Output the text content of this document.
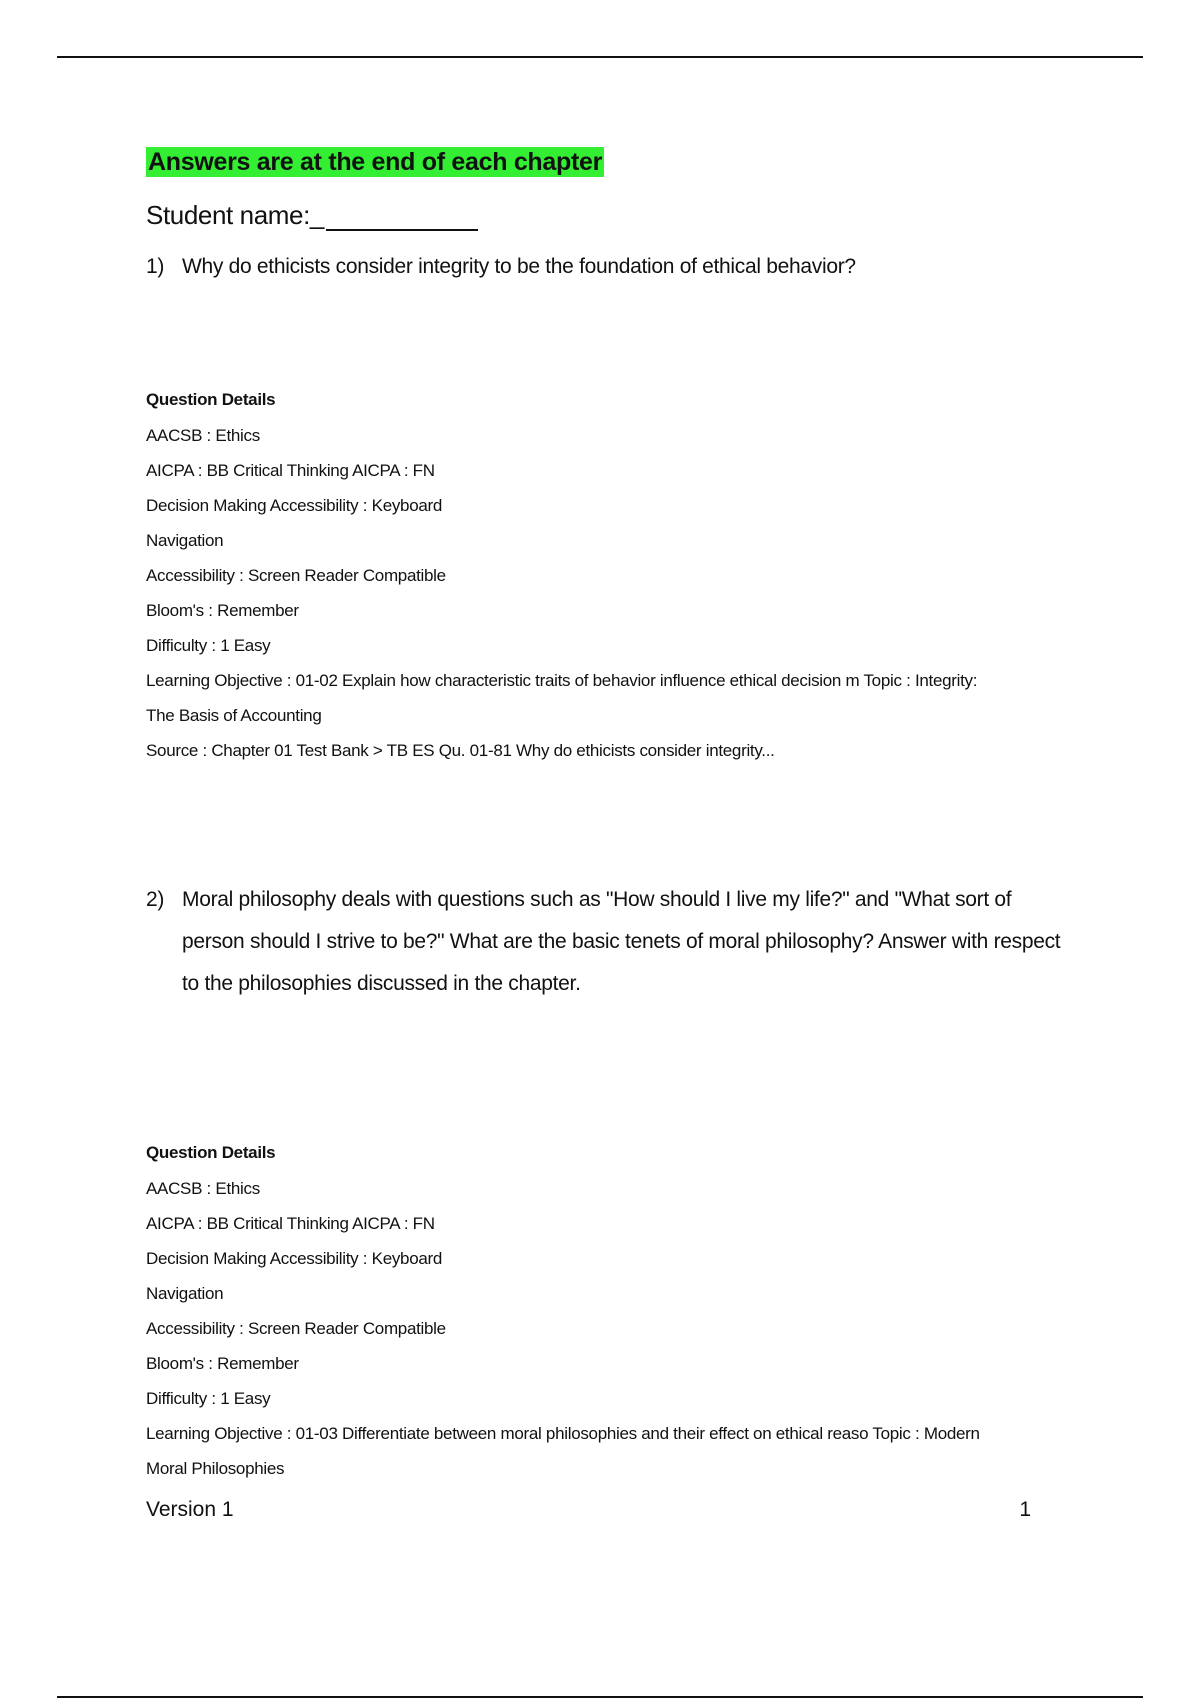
Answers are at the end of each chapter
Student name:_
1) Why do ethicists consider integrity to be the foundation of ethical behavior?
Question Details
AACSB : Ethics
AICPA : BB Critical Thinking AICPA : FN
Decision Making Accessibility : Keyboard
Navigation
Accessibility : Screen Reader Compatible
Bloom's : Remember
Difficulty : 1 Easy
Learning Objective : 01-02 Explain how characteristic traits of behavior influence ethical decision m Topic : Integrity:
The Basis of Accounting
Source : Chapter 01 Test Bank > TB ES Qu. 01-81 Why do ethicists consider integrity...
2) Moral philosophy deals with questions such as "How should I live my life?" and "What sort of person should I strive to be?" What are the basic tenets of moral philosophy? Answer with respect to the philosophies discussed in the chapter.
Question Details
AACSB : Ethics
AICPA : BB Critical Thinking AICPA : FN
Decision Making Accessibility : Keyboard
Navigation
Accessibility : Screen Reader Compatible
Bloom's : Remember
Difficulty : 1 Easy
Learning Objective : 01-03 Differentiate between moral philosophies and their effect on ethical reaso Topic : Modern
Moral Philosophies
Version 1	1
